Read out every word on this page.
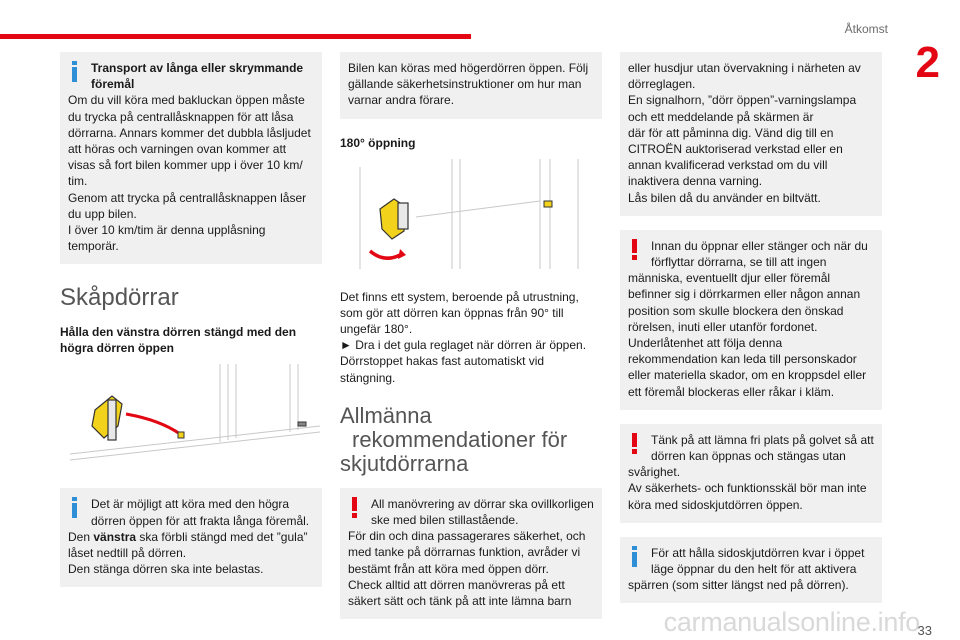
Åtkomst
2
Transport av långa eller skrymmande föremål
Om du vill köra med bakluckan öppen måste
du trycka på centrallåsknappen för att låsa
dörrarna. Annars kommer det dubbla låsljudet
att höras och varningen ovan kommer att
visas så fort bilen kommer upp i över 10 km/
tim.
Genom att trycka på centrallåsknappen låser
du upp bilen.
I över 10 km/tim är denna upplåsning
temporär.
Skåpdörrar
Hålla den vänstra dörren stängd med den högra dörren öppen
Det är möjligt att köra med den högra dörren öppen för att frakta långa föremål.
Den vänstra ska förbli stängd med det ”gula” låset nedtill på dörren.
Den stänga dörren ska inte belastas.
Bilen kan köras med högerdörren öppen. Följ gällande säkerhetsinstruktioner om hur man varnar andra förare.
180° öppning

Det finns ett system, beroende på utrustning,
som gör att dörren kan öppnas från 90° till
ungefär 180°.
► Dra i det gula reglaget när dörren är öppen.
Dörrstoppet hakas fast automatiskt vid
stängning.

Allmänna
rekommendationer för
skjutdörrarna
All manövrering av dörrar ska ovillkorligen ske med bilen stillastående.
För din och dina passagerares säkerhet, och
med tanke på dörrarnas funktion, avråder vi
bestämt från att köra med öppen dörr.
Check alltid att dörren manövreras på ett
säkert sätt och tänk på att inte lämna barn
eller husdjur utan övervakning i närheten av
dörreglagen.
En signalhorn, ”dörr öppen”-varningslampa
och ett meddelande på skärmen är
där för att påminna dig. Vänd dig till en
CITROËN auktoriserad verkstad eller en
annan kvalificerad verkstad om du vill
inaktivera denna varning.
Lås bilen då du använder en biltvätt.
Innan du öppnar eller stänger och när du förflyttar dörrarna, se till att ingen
människa, eventuellt djur eller föremål
befinner sig i dörrkarmen eller någon annan
position som skulle blockera den önskad
rörelsen, inuti eller utanför fordonet.
Underlåtenhet att följa denna
rekommendation kan leda till personskador
eller materiella skador, om en kroppsdel eller
ett föremål blockeras eller råkar i kläm.
Tänk på att lämna fri plats på golvet så att dörren kan öppnas och stängas utan
svårighet.
Av säkerhets- och funktionsskäl bör man inte
köra med sidoskjutdörren öppen.
För att hålla sidoskjutdörren kvar i öppet läge öppnar du den helt för att aktivera
spärren (som sitter längst ned på dörren).
carmanualsonline.info
33
